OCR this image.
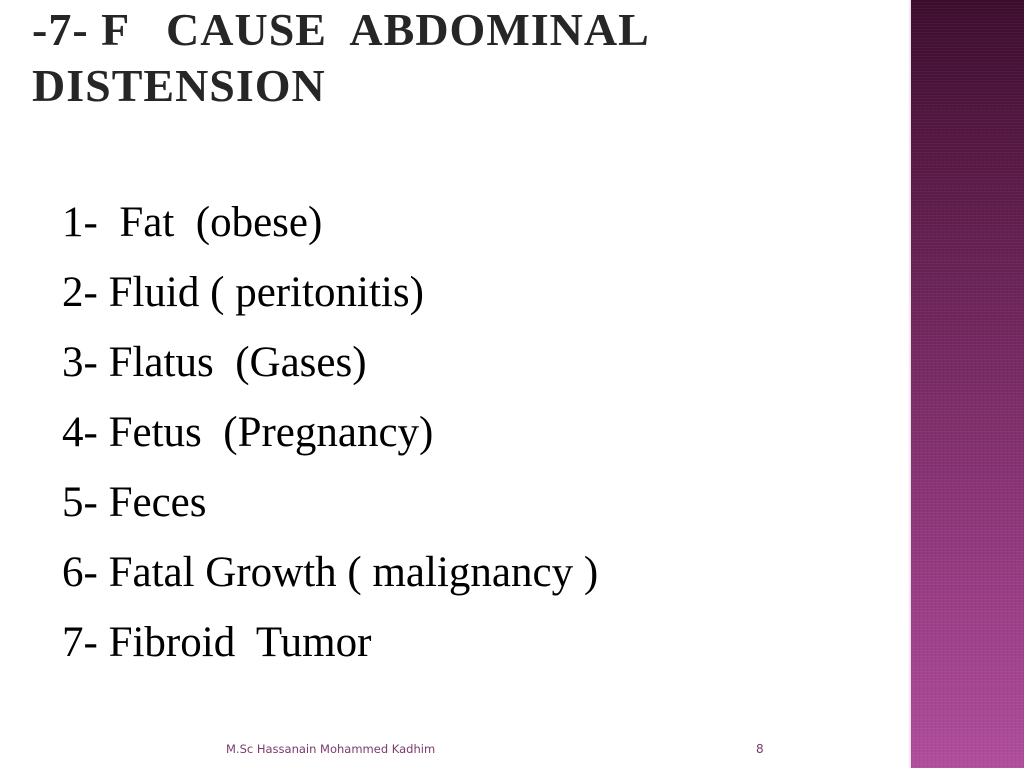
-7- F   CAUSE  ABDOMINAL
DISTENSION
1-  Fat  (obese)
2- Fluid ( peritonitis)
3- Flatus  (Gases)
4- Fetus  (Pregnancy)
5- Feces
6- Fatal Growth ( malignancy )
7- Fibroid  Tumor
M.Sc Hassanain Mohammed Kadhim	8
